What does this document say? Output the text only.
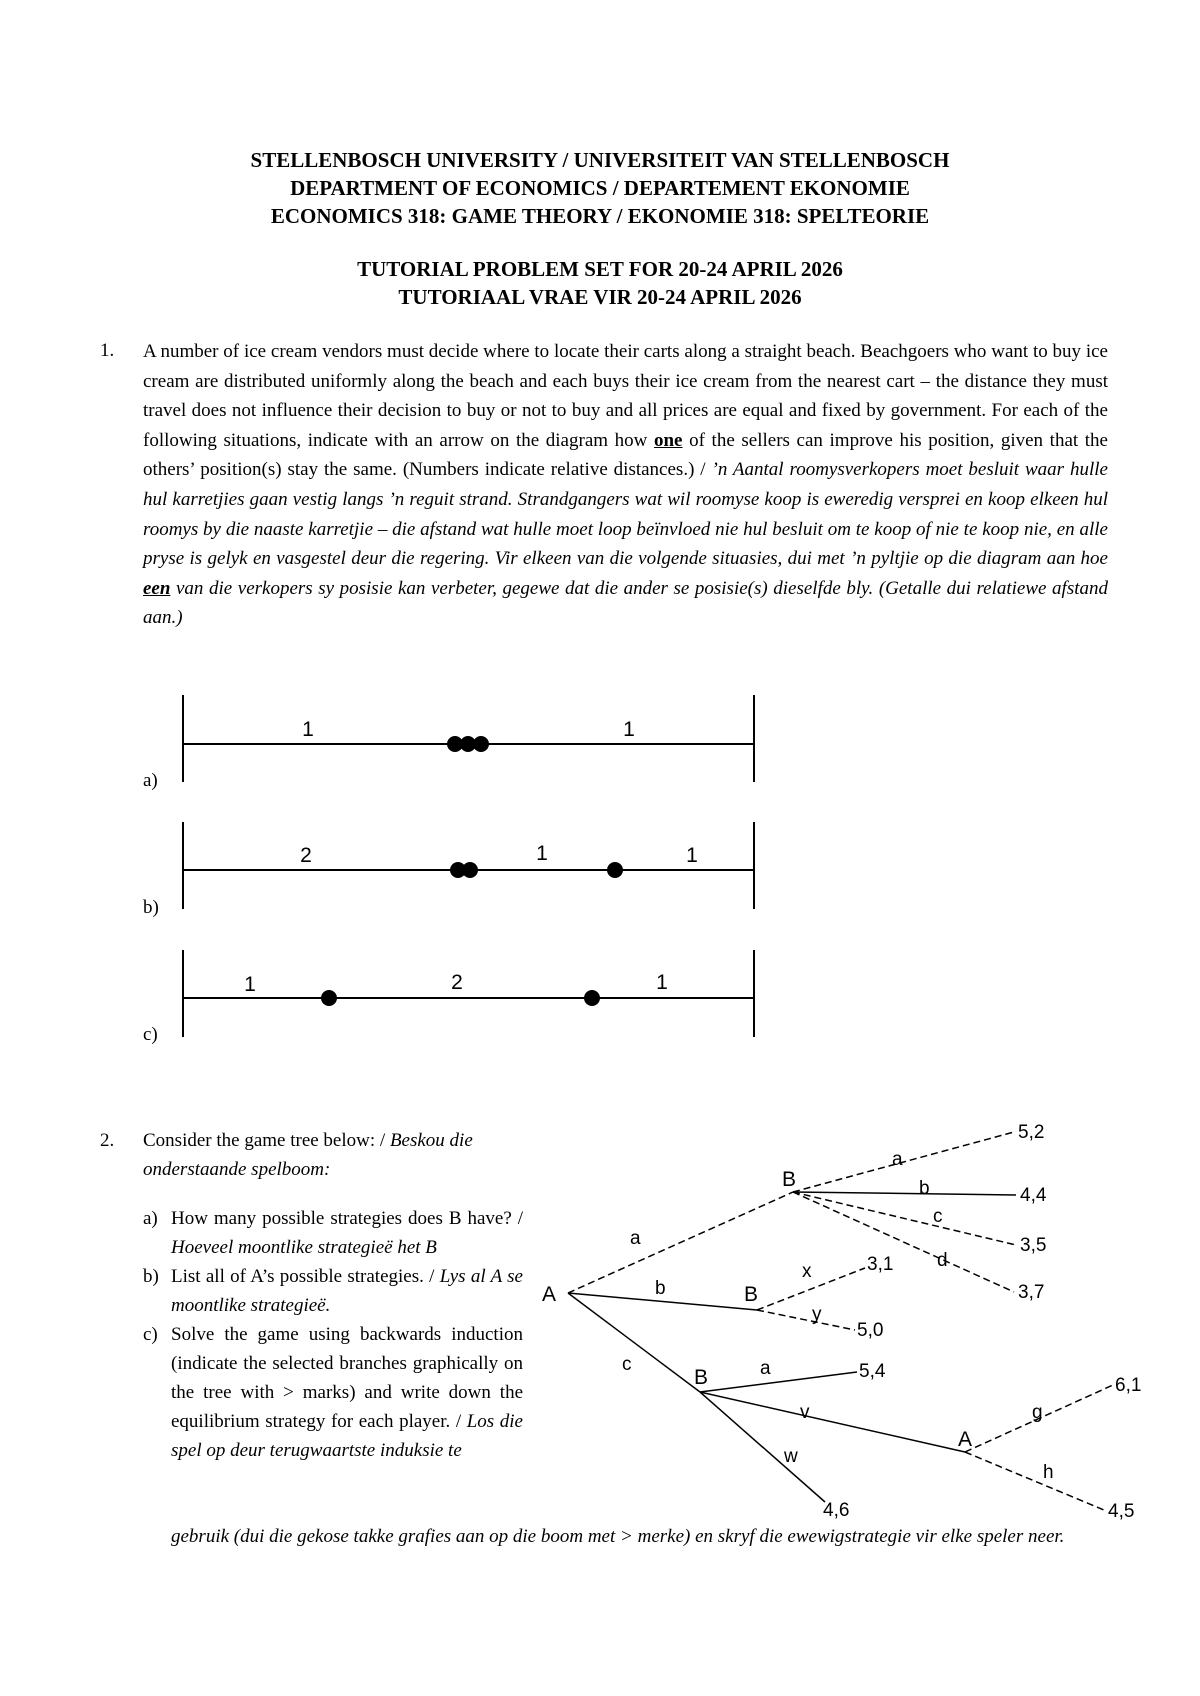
STELLENBOSCH UNIVERSITY / UNIVERSITEIT VAN STELLENBOSCH
DEPARTMENT OF ECONOMICS / DEPARTEMENT EKONOMIE
ECONOMICS 318: GAME THEORY / EKONOMIE 318: SPELTEORIE
TUTORIAL PROBLEM SET FOR 20-24 APRIL 2026
TUTORIAAL VRAE VIR 20-24 APRIL 2026
1. A number of ice cream vendors must decide where to locate their carts along a straight beach. Beachgoers who want to buy ice cream are distributed uniformly along the beach and each buys their ice cream from the nearest cart – the distance they must travel does not influence their decision to buy or not to buy and all prices are equal and fixed by government. For each of the following situations, indicate with an arrow on the diagram how one of the sellers can improve his position, given that the others’ position(s) stay the same. (Numbers indicate relative distances.) / ’n Aantal roomysverkopers moet besluit waar hulle hul karretjies gaan vestig langs ’n reguit strand. Strandgangers wat wil roomyse koop is eweredig versprei en koop elkeen hul roomys by die naaste karretjie – die afstand wat hulle moet loop beïnvloed nie hul besluit om te koop of nie te koop nie, en alle pryse is gelyk en vasgestel deur die regering. Vir elkeen van die volgende situasies, dui met ’n pyltjie op die diagram aan hoe een van die verkopers sy posisie kan verbeter, gegewe dat die ander se posisie(s) dieselfde bly. (Getalle dui relatiewe afstand aan.)
a)
b)
c)
1	1
2	1	1
1	2	1
2. Consider the game tree below: / Beskou die onderstaande spelboom:
a) How many possible strategies does B have? / Hoeveel moontlike strategieë het B
b) List all of A’s possible strategies. / Lys al A se moontlike strategieë.
c) Solve the game using backwards induction (indicate the selected branches graphically on the tree with > marks) and write down the equilibrium strategy for each player. / Los die spel op deur terugwaartste induksie te
gebruik (dui die gekose takke grafies aan op die boom met > merke) en skryf die ewewigstrategie vir elke speler neer.
A
B
B
B
A
a
b
c
a
b
c
d
5,2
4,4
3,5
3,7
x
y
3,1
5,0
a
v
w
5,4
4,6
g
h
6,1
4,5
